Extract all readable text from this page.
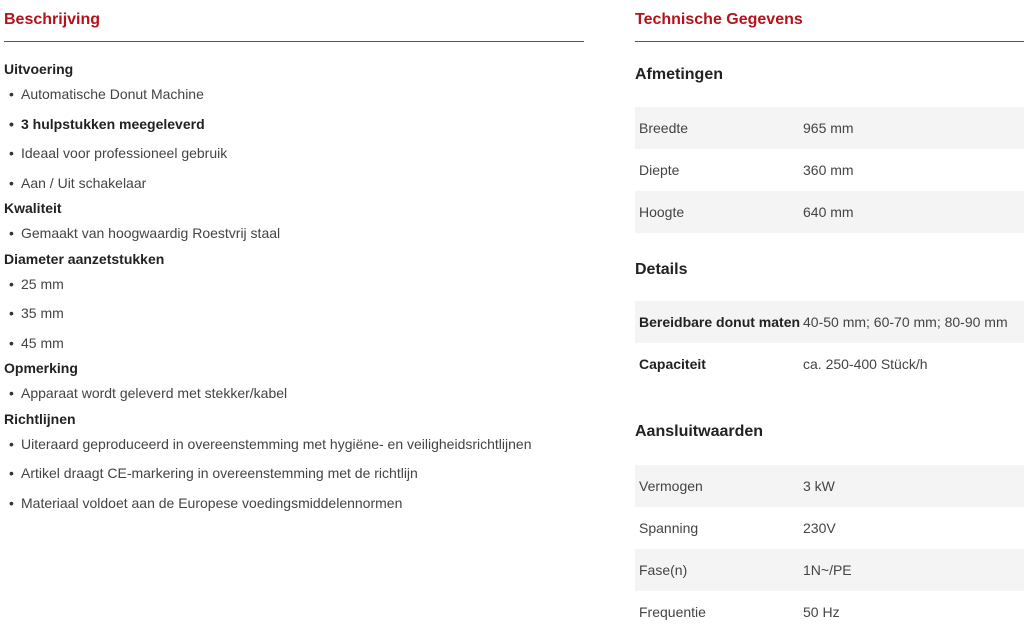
Beschrijving
Uitvoering
• Automatische Donut Machine
• 3 hulpstukken meegeleverd
• Ideaal voor professioneel gebruik
• Aan / Uit schakelaar
Kwaliteit
• Gemaakt van hoogwaardig Roestvrij staal
Diameter aanzetstukken
• 25 mm
• 35 mm
• 45 mm
Opmerking
• Apparaat wordt geleverd met stekker/kabel
Richtlijnen
• Uiteraard geproduceerd in overeenstemming met hygiëne- en veiligheidsrichtlijnen
• Artikel draagt CE-markering in overeenstemming met de richtlijn
• Materiaal voldoet aan de Europese voedingsmiddelennormen
Technische Gegevens
Afmetingen
Breedte	965 mm
Diepte	360 mm
Hoogte	640 mm
Details
Bereidbare donut maten	40-50 mm; 60-70 mm; 80-90 mm
Capaciteit	ca. 250-400 Stück/h
Aansluitwaarden
Vermogen	3 kW
Spanning	230V
Fase(n)	1N~/PE
Frequentie	50 Hz
